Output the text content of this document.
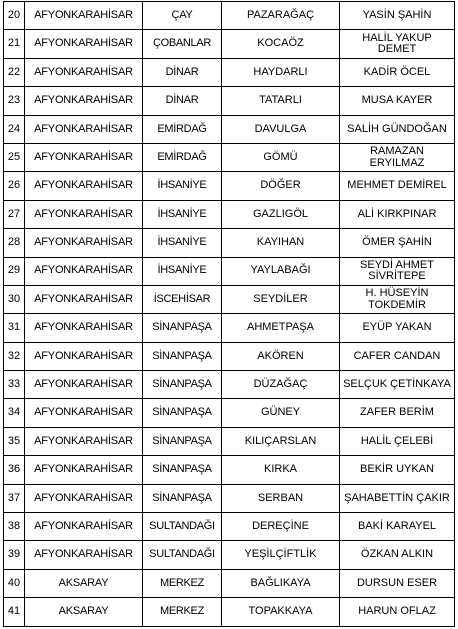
20	AFYONKARAHİSAR	ÇAY	PAZARAĞAÇ	YASİN ŞAHİN
21	AFYONKARAHİSAR	ÇOBANLAR	KOCAÖZ	HALİL YAKUP DEMET
22	AFYONKARAHİSAR	DİNAR	HAYDARLI	KADİR ÖCEL
23	AFYONKARAHİSAR	DİNAR	TATARLI	MUSA KAYER
24	AFYONKARAHİSAR	EMİRDAĞ	DAVULGA	SALİH GÜNDOĞAN
25	AFYONKARAHİSAR	EMİRDAĞ	GÖMÜ	RAMAZAN ERYILMAZ
26	AFYONKARAHİSAR	İHSANİYE	DÖĞER	MEHMET DEMİREL
27	AFYONKARAHİSAR	İHSANİYE	GAZLIGÖL	ALİ KIRKPINAR
28	AFYONKARAHİSAR	İHSANİYE	KAYIHAN	ÖMER ŞAHİN
29	AFYONKARAHİSAR	İHSANİYE	YAYLABAĞI	SEYDİ AHMET SİVRİTEPE
30	AFYONKARAHİSAR	İSCEHİSAR	SEYDİLER	H. HÜSEYİN TOKDEMİR
31	AFYONKARAHİSAR	SİNANPAŞA	AHMETPAŞA	EYÜP YAKAN
32	AFYONKARAHİSAR	SİNANPAŞA	AKÖREN	CAFER CANDAN
33	AFYONKARAHİSAR	SİNANPAŞA	DÜZAĞAÇ	SELÇUK ÇETİNKAYA
34	AFYONKARAHİSAR	SİNANPAŞA	GÜNEY	ZAFER BERİM
35	AFYONKARAHİSAR	SİNANPAŞA	KILIÇARSLAN	HALİL ÇELEBİ
36	AFYONKARAHİSAR	SİNANPAŞA	KIRKA	BEKİR UYKAN
37	AFYONKARAHİSAR	SİNANPAŞA	SERBAN	ŞAHABETTİN ÇAKIR
38	AFYONKARAHİSAR	SULTANDAĞI	DEREÇİNE	BAKİ KARAYEL
39	AFYONKARAHİSAR	SULTANDAĞI	YEŞİLÇİFTLİK	ÖZKAN ALKIN
40	AKSARAY	MERKEZ	BAĞLIKAYA	DURSUN ESER
41	AKSARAY	MERKEZ	TOPAKKAYA	HARUN OFLAZ
